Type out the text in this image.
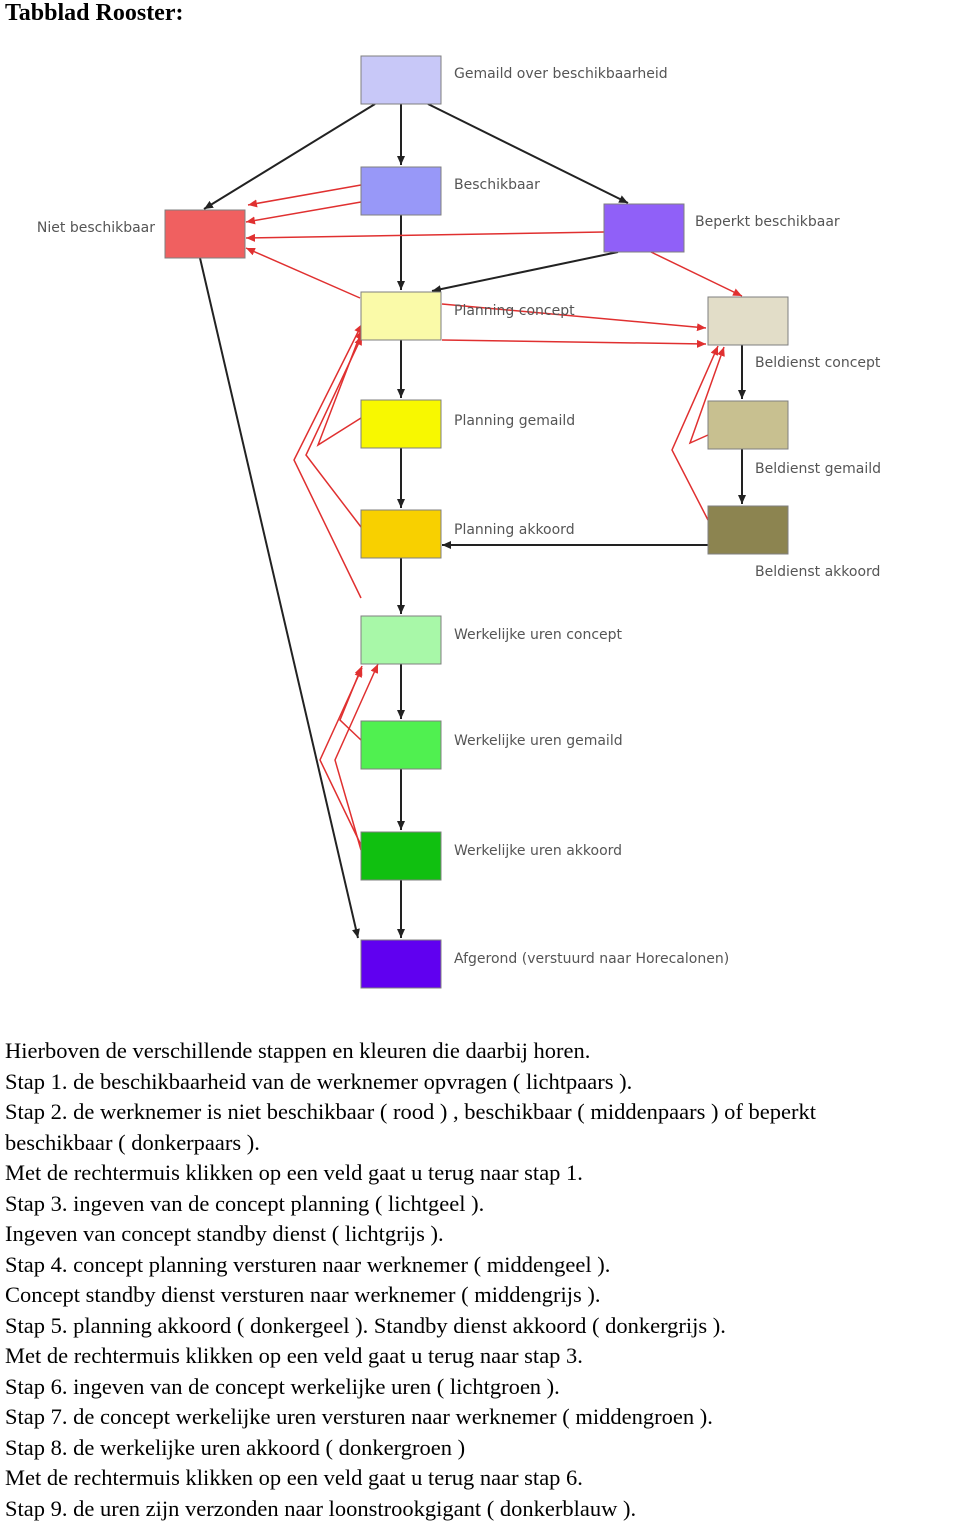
Tabblad Rooster:
Gemaild over beschikbaarheid
Beschikbaar
Niet beschikbaar	Beperkt beschikbaar
Planning concept
Beldienst concept
Planning gemaild
Beldienst gemaild
Planning akkoord
Beldienst akkoord
Werkelijke uren concept
Werkelijke uren gemaild
Werkelijke uren akkoord
Afgerond (verstuurd naar Horecalonen)
Hierboven de verschillende stappen en kleuren die daarbij horen.
Stap 1. de beschikbaarheid van de werknemer opvragen ( lichtpaars ).
Stap 2. de werknemer is niet beschikbaar ( rood ) , beschikbaar ( middenpaars ) of beperkt
beschikbaar ( donkerpaars ).
Met de rechtermuis klikken op een veld gaat u terug naar stap 1.
Stap 3. ingeven van de concept planning ( lichtgeel ).
Ingeven van concept standby dienst ( lichtgrijs ).
Stap 4. concept planning versturen naar werknemer ( middengeel ).
Concept standby dienst versturen naar werknemer ( middengrijs ).
Stap 5. planning akkoord ( donkergeel ). Standby dienst akkoord ( donkergrijs ).
Met de rechtermuis klikken op een veld gaat u terug naar stap 3.
Stap 6. ingeven van de concept werkelijke uren ( lichtgroen ).
Stap 7. de concept werkelijke uren versturen naar werknemer ( middengroen ).
Stap 8. de werkelijke uren akkoord ( donkergroen )
Met de rechtermuis klikken op een veld gaat u terug naar stap 6.
Stap 9. de uren zijn verzonden naar loonstrookgigant ( donkerblauw ).
